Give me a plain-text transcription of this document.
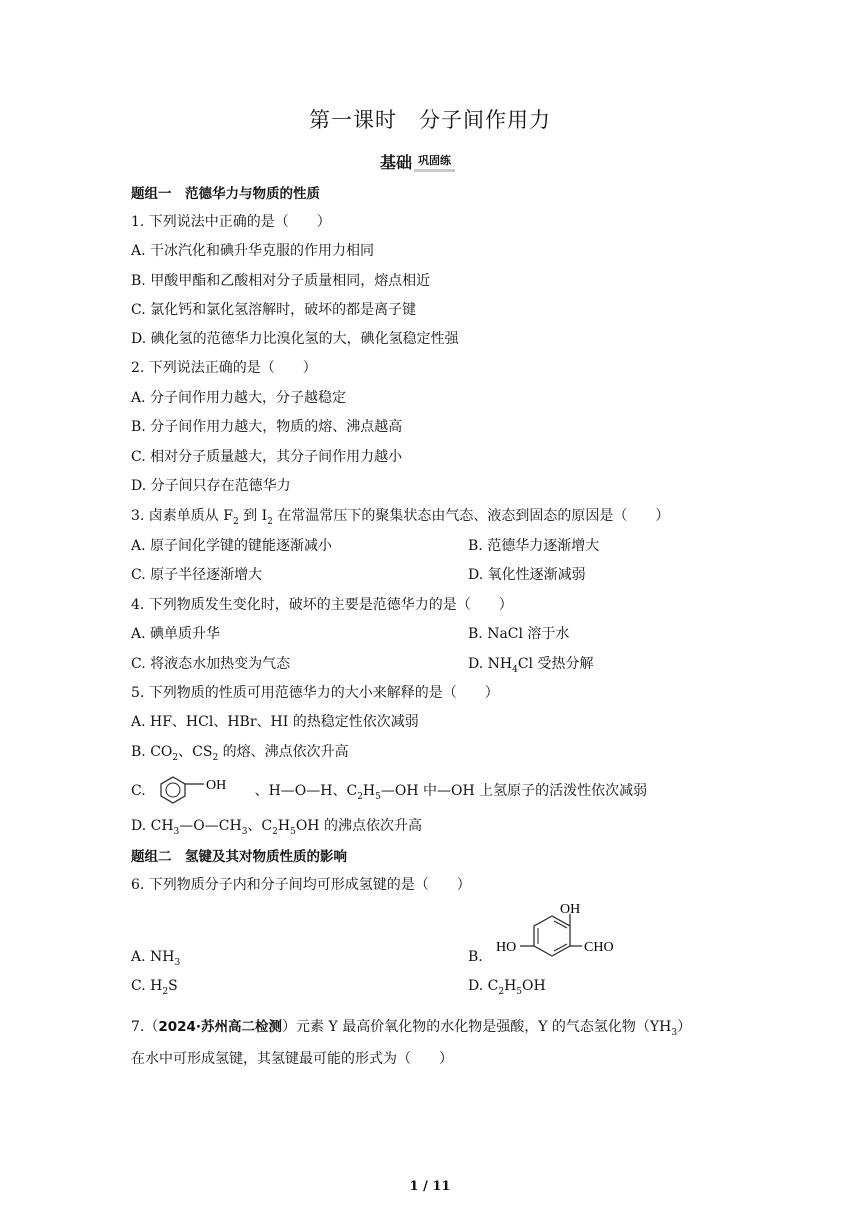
第一课时　分子间作用力
基础 巩固练
题组一　范德华力与物质的性质
1. 下列说法中正确的是（　　）
A. 干冰汽化和碘升华克服的作用力相同
B. 甲酸甲酯和乙酸相对分子质量相同，熔点相近
C. 氯化钙和氯化氢溶解时，破坏的都是离子键
D. 碘化氢的范德华力比溴化氢的大，碘化氢稳定性强
2. 下列说法正确的是（　　）
A. 分子间作用力越大，分子越稳定
B. 分子间作用力越大，物质的熔、沸点越高
C. 相对分子质量越大，其分子间作用力越小
D. 分子间只存在范德华力
3. 卤素单质从 $F_2$ 到 $I_2$ 在常温常压下的聚集状态由气态、液态到固态的原因是（　　）
A. 原子间化学键的键能逐渐减小	B. 范德华力逐渐增大
C. 原子半径逐渐增大	D. 氧化性逐渐减弱
4. 下列物质发生变化时，破坏的主要是范德华力的是（　　）
A. 碘单质升华	B. NaCl 溶于水
C. 将液态水加热变为气态	D. $NH_4Cl$ 受热分解
5. 下列物质的性质可用范德华力的大小来解释的是（　　）
A. HF、HCl、HBr、HI 的热稳定性依次减弱
B. $CO_2$、$CS_2$ 的熔、沸点依次升高
C.	OH 、H—O—H、$C_2H_5—OH$ 中—OH 上氢原子的活泼性依次减弱
D. $CH_3—O—CH_3$、$C_2H_5OH$ 的沸点依次升高
题组二　氢键及其对物质性质的影响
6. 下列物质分子内和分子间均可形成氢键的是（　　）
A. $NH_3$	B.
OH
HO	CHO
C. $H_2S$	D. $C_2H_5OH$
7.（2024·苏州高二检测）元素 Y 最高价氧化物的水化物是强酸，Y 的气态氢化物$(YH_3)$
在水中可形成氢键，其氢键最可能的形式为（　　）
1 / 11
